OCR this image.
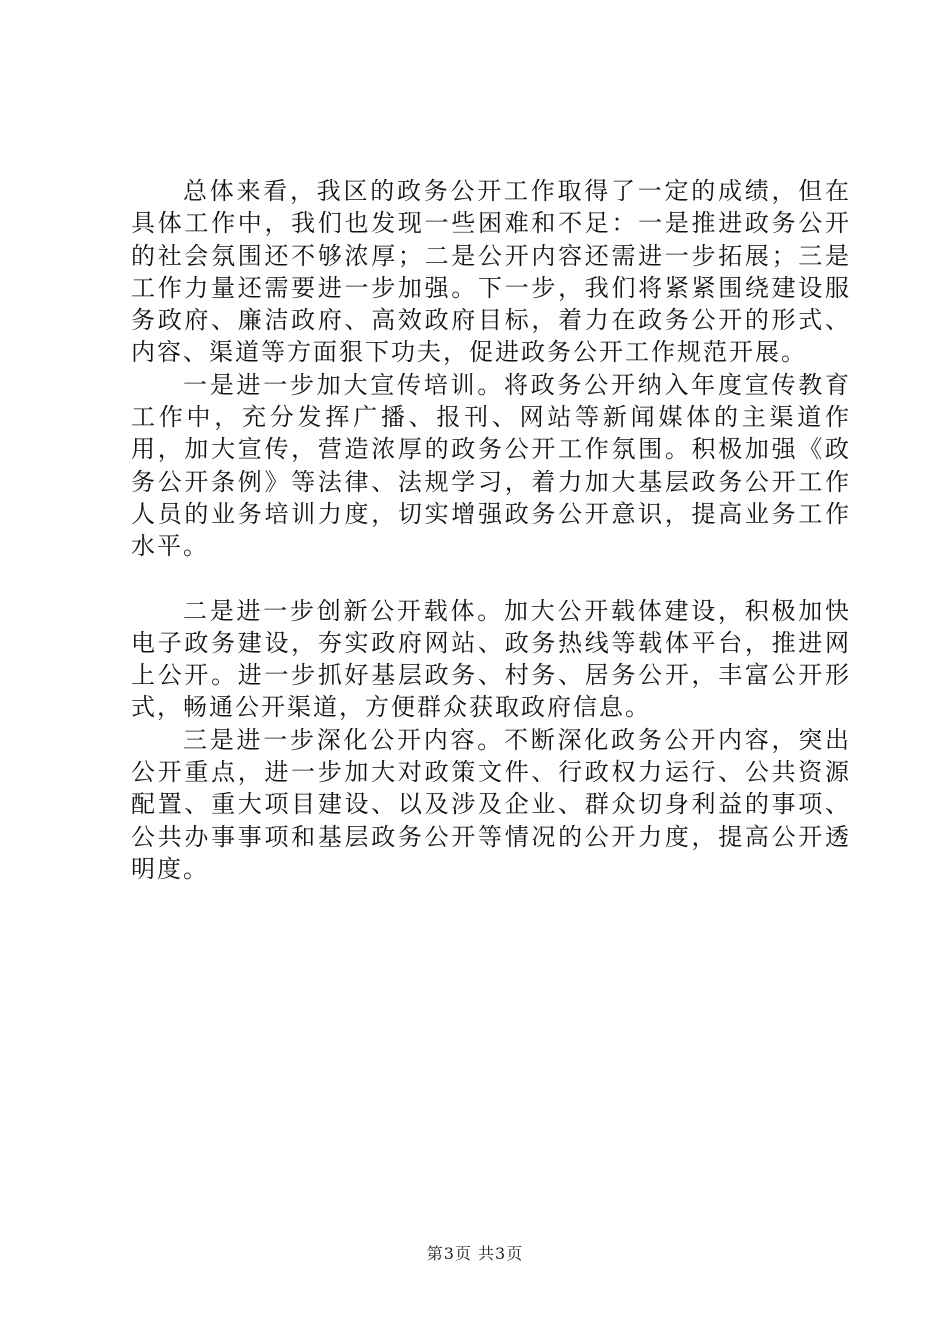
总体来看，我区的政务公开工作取得了一定的成绩，但在具体工作中，我们也发现一些困难和不足：一是推进政务公开的社会氛围还不够浓厚；二是公开内容还需进一步拓展；三是工作力量还需要进一步加强。下一步，我们将紧紧围绕建设服务政府、廉洁政府、高效政府目标，着力在政务公开的形式、内容、渠道等方面狠下功夫，促进政务公开工作规范开展。

一是进一步加大宣传培训。将政务公开纳入年度宣传教育工作中，充分发挥广播、报刊、网站等新闻媒体的主渠道作用，加大宣传，营造浓厚的政务公开工作氛围。积极加强《政务公开条例》等法律、法规学习，着力加大基层政务公开工作人员的业务培训力度，切实增强政务公开意识，提高业务工作水平。

二是进一步创新公开载体。加大公开载体建设，积极加快电子政务建设，夯实政府网站、政务热线等载体平台，推进网上公开。进一步抓好基层政务、村务、居务公开，丰富公开形式，畅通公开渠道，方便群众获取政府信息。

三是进一步深化公开内容。不断深化政务公开内容，突出公开重点，进一步加大对政策文件、行政权力运行、公共资源配置、重大项目建设、以及涉及企业、群众切身利益的事项、公共办事事项和基层政务公开等情况的公开力度，提高公开透明度。

第3页 共3页
